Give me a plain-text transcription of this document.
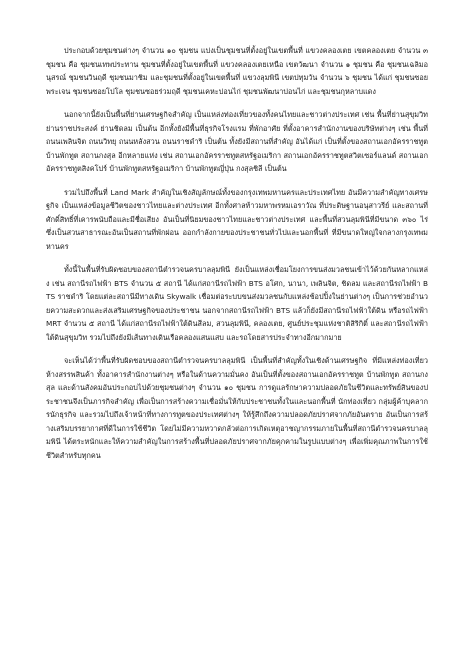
ประกอบด้วยชุมชนต่างๆ จำนวน ๑๐ ชุมชน แบ่งเป็นชุมชนที่ตั้งอยู่ในเขตพื้นที่ แขวงคลองเตย เขตคลองเตย จำนวน ๓ ชุมชน คือ ชุมชนเทพประทาน ชุมชนที่ตั้งอยู่ในเขตพื้นที่ แขวงคลองเตยเหนือ เขตวัฒนา จำนวน ๑ ชุมชน คือ ชุมชนเฉลิมอนุสรณ์ ชุมชนวินฤดี ชุมชนมาชิม และชุมชนที่ตั้งอยู่ในเขตพื้นที่ แขวงลุมพินี เขตปทุมวัน จำนวน ๖ ชุมชน ได้แก่ ชุมชนซอยพระเจน ชุมชนซอยโปโล ชุมชนซอยร่วมฤดี ชุมชนเคหะบ่อนไก่ ชุมชนพัฒนาบ่อนไก่ และชุมชนกุหลาบแดง

นอกจากนี้ยังเป็นพื้นที่ย่านเศรษฐกิจสำคัญ เป็นแหล่งท่องเที่ยวของทั้งคนไทยและชาวต่างประเทศ เช่น พื้นที่ย่านสุขุมวิท ย่านราชประสงค์ ย่านชิดลม เป็นต้น อีกทั้งยังมีพื้นที่ธุรกิจโรงแรม ที่พักอาศัย ที่ตั้งอาคารสำนักงานของบริษัทต่างๆ เช่น พื้นที่ถนนเพลินจิต ถนนวิทยุ ถนนหลังสวน ถนนราชดำริ เป็นต้น ทั้งยังมีสถานที่สำคัญ อันได้แก่ เป็นที่ตั้งของสถานเอกอัครราชทูต บ้านพักทูต สถานกงสุล อีกหลายแห่ง เช่น สถานเอกอัครราชทูตสหรัฐอเมริกา สถานเอกอัครราชทูตสวิตเซอร์แลนด์ สถานเอกอัครราชทูตสิงคโปร์ บ้านพักทูตสหรัฐอเมริกา บ้านพักทูตญี่ปุ่น กงสุลชิลี เป็นต้น

รวมไปถึงพื้นที่ Land Mark สำคัญในเชิงสัญลักษณ์ทั้งของกรุงเทพมหานครและประเทศไทย อันมีความสำคัญทางเศรษฐกิจ เป็นแหล่งข้อมูลชีวิตของชาวไทยและต่างประเทศ อีกทั้งศาลท้าวมหาพรหมเอราวัณ ที่ประดิษฐานอนุสาวรีย์ และสถานที่ศักดิ์สิทธิ์ที่เคารพนับถือและมีชื่อเสียง อันเป็นที่นิยมของชาวไทยและชาวต่างประเทศ และพื้นที่สวนลุมพินีที่มีขนาด ๓๖๐ ไร่ ซึ่งเป็นสวนสาธารณะอันเป็นสถานที่พักผ่อน ออกกำลังกายของประชาชนทั่วไปและนอกพื้นที่ ที่มีขนาดใหญ่ใจกลางกรุงเทพมหานคร

ทั้งนี้ในพื้นที่รับผิดชอบของสถานีตำรวจนครบาลลุมพินี ยังเป็นแหล่งเชื่อมโยงการขนส่งมวลชนเข้าไว้ด้วยกันหลากแหล่ง เช่น สถานีรถไฟฟ้า BTS จำนวน ๕ สถานี ได้แก่สถานีรถไฟฟ้า BTS อโศก, นานา, เพลินจิต, ชิดลม และสถานีรถไฟฟ้า BTS ราชดำริ โดยแต่ละสถานีมีทางเดิน Skywalk เชื่อมต่อระบบขนส่งมวลชนกับแหล่งช้อปปิ้งในย่านต่างๆ เป็นการช่วยอำนวยความสะดวกและส่งเสริมเศรษฐกิจของประชาชน นอกจากสถานีรถไฟฟ้า BTS แล้วก็ยังมีสถานีรถไฟฟ้าใต้ดิน หรือรถไฟฟ้า MRT จำนวน ๕ สถานี ได้แก่สถานีรถไฟฟ้าใต้ดินสีลม, สวนลุมพินี, คลองเตย, ศูนย์ประชุมแห่งชาติสิริกิติ์ และสถานีรถไฟฟ้าใต้ดินสุขุมวิท รวมไปถึงยังมีเส้นทางเดินเรือคลองแสนแสบ และรถโดยสารประจำทางอีกมากมาย

จะเห็นได้ว่าพื้นที่รับผิดชอบของสถานีตำรวจนครบาลลุมพินี เป็นพื้นที่สำคัญทั้งในเชิงด้านเศรษฐกิจ ที่มีแหล่งท่องเที่ยว ห้างสรรพสินค้า ทั้งอาคารสำนักงานต่างๆ หรือในด้านความมั่นคง อันเป็นที่ตั้งของสถานเอกอัครราชทูต บ้านพักทูต สถานกงสุล และด้านสังคมอันประกอบไปด้วยชุมชนต่างๆ จำนวน ๑๐ ชุมชน การดูแลรักษาความปลอดภัยในชีวิตและทรัพย์สินของประชาชนจึงเป็นภารกิจสำคัญ เพื่อเป็นการสร้างความเชื่อมั่นให้กับประชาชนทั้งในและนอกพื้นที่ นักท่องเที่ยว กลุ่มผู้ค้าบุคลากรนักธุรกิจ และรวมไปถึงเจ้าหน้าที่ทางการทูตของประเทศต่างๆ ให้รู้สึกถึงความปลอดภัยปราศจากภัยอันตราย อันเป็นการสร้างเสริมบรรยากาศที่ดีในการใช้ชีวิต โดยไม่มีความหวาดกลัวต่อการเกิดเหตุอาชญากรรมภายในพื้นที่สถานีตำรวจนครบาลลุมพินี ได้ตระหนักและให้ความสำคัญในการสร้างพื้นที่ปลอดภัยปราศจากภัยคุกคามในรูปแบบต่างๆ เพื่อเพิ่มคุณภาพในการใช้ชีวิตสำหรับทุกคน
